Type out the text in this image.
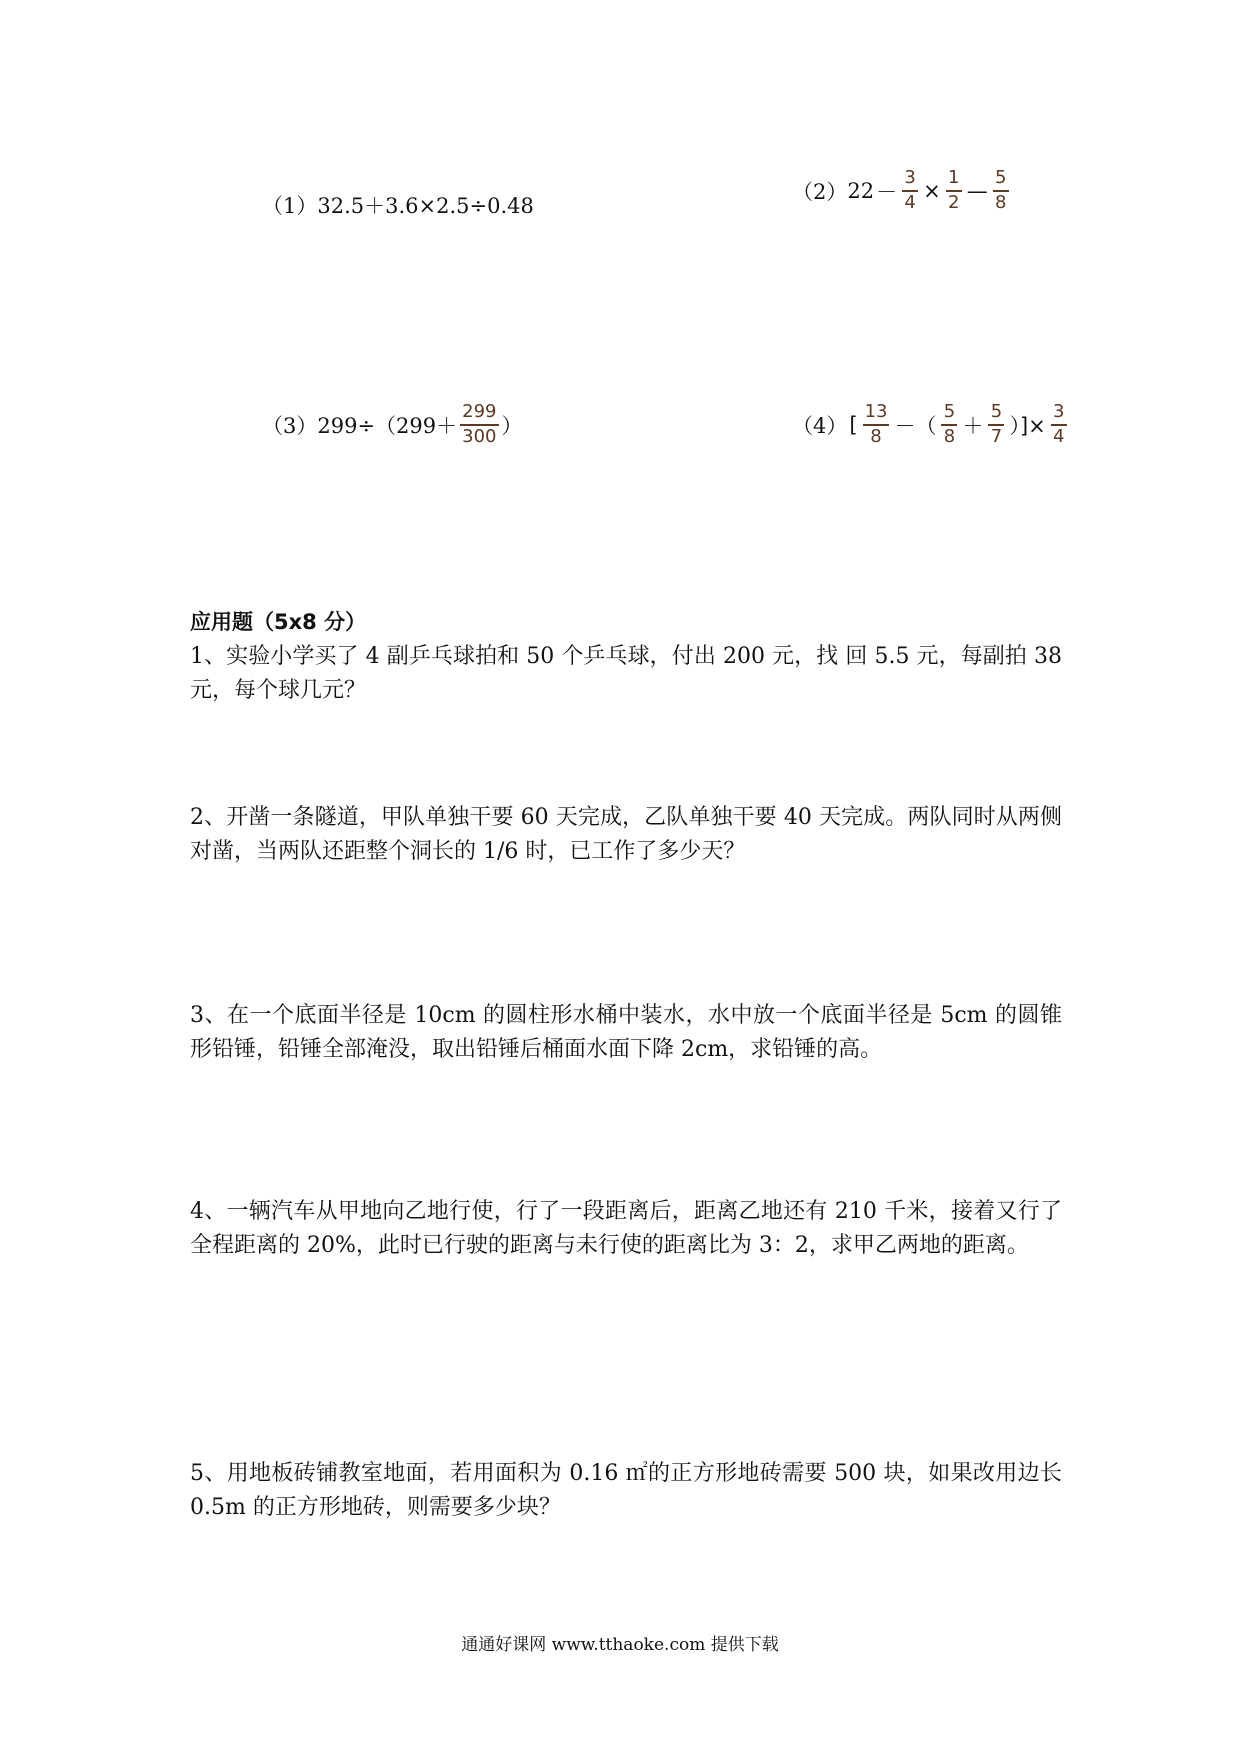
（1） 32.5＋3.6×2.5÷0.48
（2） $22 - \frac{3}{4} \times \frac{1}{2}$ — $\frac{5}{8}$
（3） $299\div(299+ \frac{299}{300}$ ）	（4） [ $\frac{13}{8}$ －（ $\frac{5}{8} + \frac{5}{7}$ ）]× $\frac{3}{4}$
应用题（5x8 分）
1、实验小学买了 4 副乒乓球拍和 50 个乒乓球，付出 200 元，找 回 5.5 元，每副拍 38 元，每个球几元？
2、开凿一条隧道，甲队单独干要 60 天完成，乙队单独干要 40 天完成。两队同时从两侧对凿，当两队还距整个洞长的 1/6 时，已工作了多少天？
3、在一个底面半径是 10cm 的圆柱形水桶中装水，水中放一个底面半径是 5cm 的圆锥形铅锤，铅锤全部淹没，取出铅锤后桶面水面下降 2cm，求铅锤的高。
4、一辆汽车从甲地向乙地行使，行了一段距离后，距离乙地还有 210 千米，接着又行了全程距离的 20%，此时已行驶的距离与未行使的距离比为 3：2，求甲乙两地的距离。
5、用地板砖铺教室地面，若用面积为 0.16 ㎡的正方形地砖需要 500 块，如果改用边长 0.5m 的正方形地砖，则需要多少块？
通通好课网 www.tthaoke.com 提供下载
